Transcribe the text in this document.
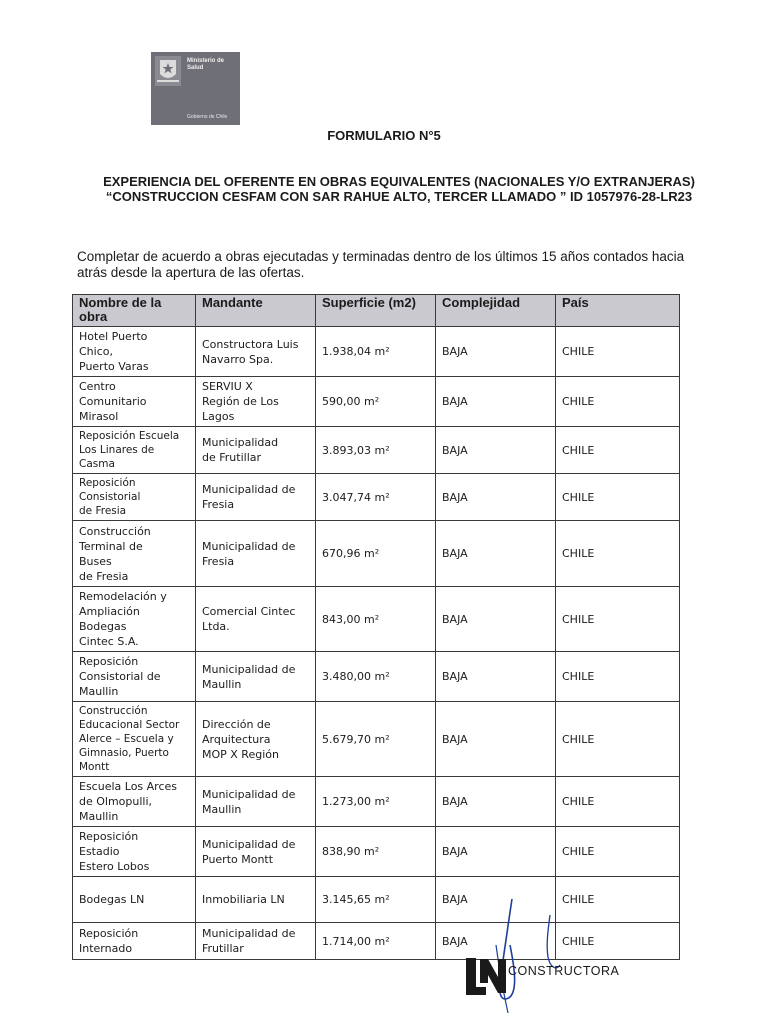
Ministerio de Salud
Gobierno de Chile
FORMULARIO N°5
EXPERIENCIA DEL OFERENTE EN OBRAS EQUIVALENTES (NACIONALES Y/O EXTRANJERAS)
“CONSTRUCCION CESFAM CON SAR RAHUE ALTO, TERCER LLAMADO ” ID 1057976-28-LR23
Completar de acuerdo a obras ejecutadas y terminadas dentro de los últimos 15 años contados hacia atrás desde la apertura de las ofertas.
Nombre de la obra	Mandante	Superficie (m2)	Complejidad	País
Hotel Puerto
Chico,
Puerto Varas	Constructora Luis
Navarro Spa.	1.938,04 m²	BAJA	CHILE
Centro
Comunitario
Mirasol	SERVIU X
Región de Los
Lagos	590,00 m²	BAJA	CHILE
Reposición Escuela
Los Linares de
Casma	Municipalidad
de Frutillar	3.893,03 m²	BAJA	CHILE
Reposición
Consistorial
de Fresia	Municipalidad de
Fresia	3.047,74 m²	BAJA	CHILE
Construcción
Terminal de
Buses
de Fresia	Municipalidad de
Fresia	670,96 m²	BAJA	CHILE
Remodelación y
Ampliación
Bodegas
Cintec S.A.	Comercial Cintec
Ltda.	843,00 m²	BAJA	CHILE
Reposición
Consistorial de
Maullin	Municipalidad de
Maullin	3.480,00 m²	BAJA	CHILE
Construcción
Educacional Sector
Alerce – Escuela y
Gimnasio, Puerto
Montt	Dirección de
Arquitectura
MOP X Región	5.679,70 m²	BAJA	CHILE
Escuela Los Arces
de Olmopulli,
Maullin	Municipalidad de
Maullin	1.273,00 m²	BAJA	CHILE
Reposición
Estadio
Estero Lobos	Municipalidad de
Puerto Montt	838,90 m²	BAJA	CHILE
Bodegas LN	Inmobiliaria LN	3.145,65 m²	BAJA	CHILE
Reposición
Internado	Municipalidad de
Frutillar	1.714,00 m²	BAJA	CHILE
CONSTRUCTORA
